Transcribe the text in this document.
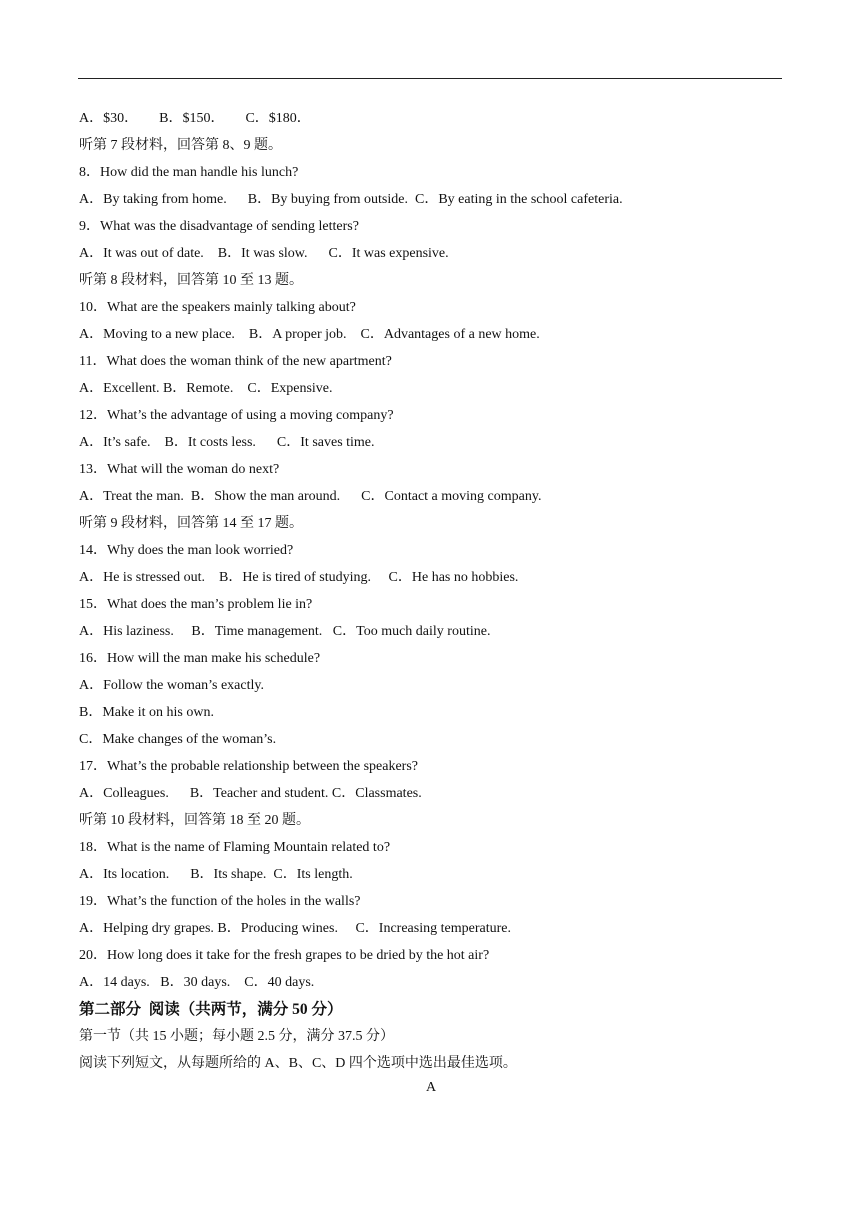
A．$30．      B．$150．      C．$180．
听第 7 段材料，回答第 8、9 题。
8．How did the man handle his lunch?
A．By taking from home.      B．By buying from outside.  C．By eating in the school cafeteria.
9．What was the disadvantage of sending letters?
A．It was out of date.    B．It was slow.      C．It was expensive.
听第 8 段材料，回答第 10 至 13 题。
10．What are the speakers mainly talking about?
A．Moving to a new place.    B．A proper job.    C．Advantages of a new home.
11．What does the woman think of the new apartment?
A．Excellent. B．Remote.    C．Expensive.
12．What’s the advantage of using a moving company?
A．It’s safe.    B．It costs less.      C．It saves time.
13．What will the woman do next?
A．Treat the man.  B．Show the man around.      C．Contact a moving company.
听第 9 段材料，回答第 14 至 17 题。
14．Why does the man look worried?
A．He is stressed out.    B．He is tired of studying.     C．He has no hobbies.
15．What does the man’s problem lie in?
A．His laziness.     B．Time management.   C．Too much daily routine.
16．How will the man make his schedule?
A．Follow the woman’s exactly.
B．Make it on his own.
C．Make changes of the woman’s.
17．What’s the probable relationship between the speakers?
A．Colleagues.      B．Teacher and student. C．Classmates.
听第 10 段材料，回答第 18 至 20 题。
18．What is the name of Flaming Mountain related to?
A．Its location.      B．Its shape.  C．Its length.
19．What’s the function of the holes in the walls?
A．Helping dry grapes. B．Producing wines.     C．Increasing temperature.
20．How long does it take for the fresh grapes to be dried by the hot air?
A．14 days.   B．30 days.    C．40 days.
第二部分  阅读（共两节，满分 50 分）
第一节（共 15 小题；每小题 2.5 分，满分 37.5 分）
阅读下列短文，从每题所给的 A、B、C、D 四个选项中选出最佳选项。
A
